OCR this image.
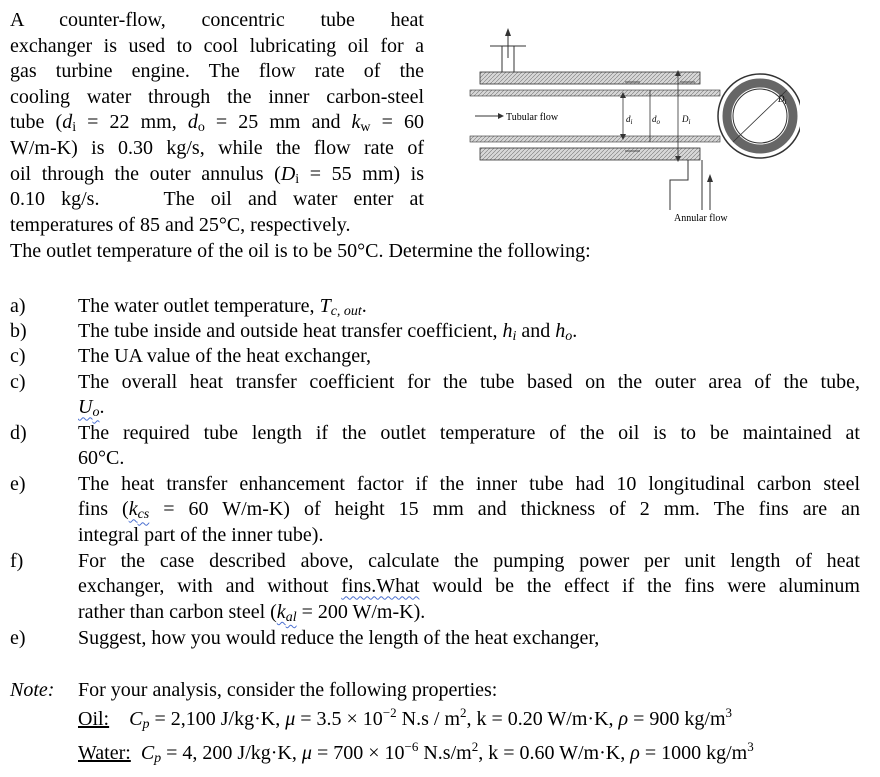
A counter-flow, concentric tube heat
exchanger is used to cool lubricating oil for a
gas turbine engine. The flow rate of the
cooling water through the inner carbon-steel
tube ($d_i = 22$ mm, $d_o = 25$ mm and $k_w = 60$
W/m-K) is 0.30 kg/s, while the flow rate of
oil through the outer annulus ($D_i = 55$ mm) is
0.10 kg/s.    The oil and water enter at
temperatures of 85 and 25°C, respectively.
The outlet temperature of the oil is to be 50°C. Determine the following:
Tubular flow	$d_i$ $d_o$ $D_i$
Annular flow
$D_i$
a)	The water outlet temperature, $T_{c, out}$.
b)	The tube inside and outside heat transfer coefficient, $h_i$ and $h_o$.
c)	The UA value of the heat exchanger,
c)	The overall heat transfer coefficient for the tube based on the outer area of the tube,
$U_o$.
d)	The required tube length if the outlet temperature of the oil is to be maintained at
60°C.
e)	The heat transfer enhancement factor if the inner tube had 10 longitudinal carbon steel
fins ($k_{cs} = 60$ W/m-K) of height 15 mm and thickness of 2 mm. The fins are an
integral part of the inner tube).
f)	For the case described above, calculate the pumping power per unit length of heat
exchanger, with and without fins.What would be the effect if the fins were aluminum
rather than carbon steel ($k_{al} = 200$ W/m-K).
e)	Suggest, how you would reduce the length of the heat exchanger,
Note: For your analysis, consider the following properties:
Oil: $C_p = 2,100$ J/kg·K, $\mu = 3.5 \times 10^{-2}$ $N.s / m^2$, k = 0.20 W/m·K, ρ = 900 $kg/m^3$
Water: $C_p = 4$, 200 J/kg·K, $\mu = 700 \times 10^{-6}$ $N.s/m^2$, k = 0.60 W/m·K, ρ = 1000 $kg/m^3$
